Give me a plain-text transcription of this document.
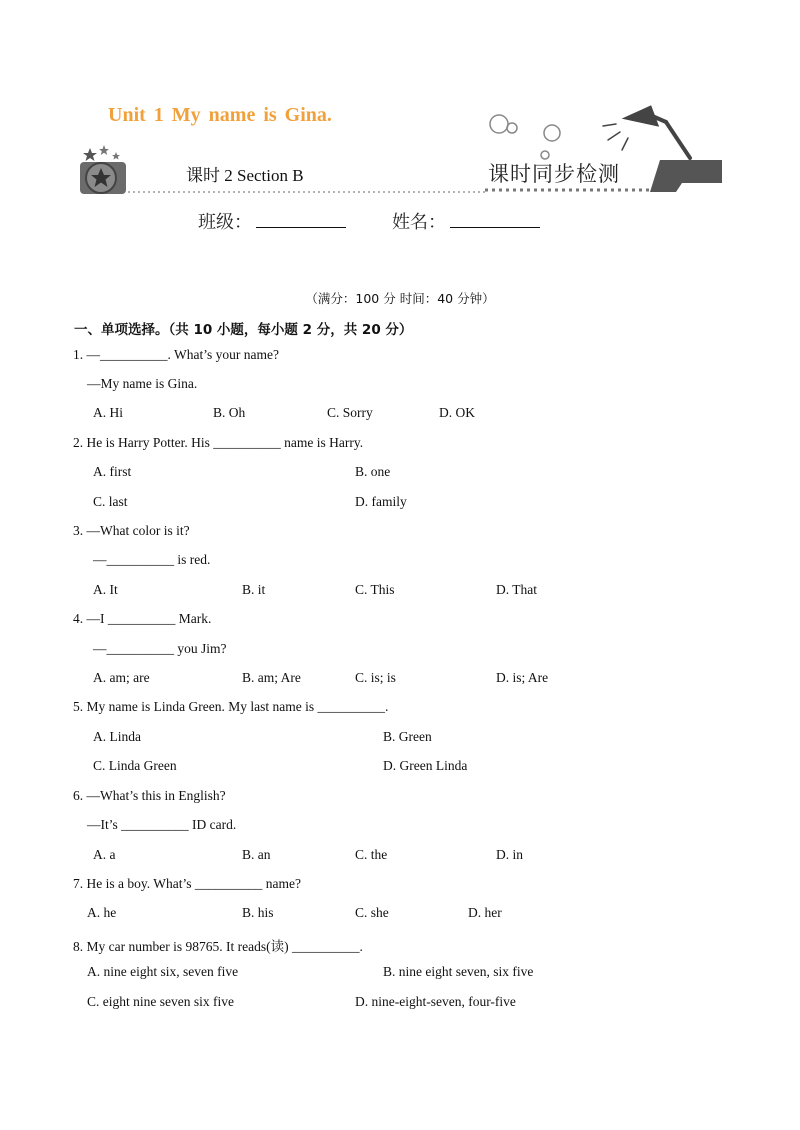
Unit 1 My name is Gina.
课时 2 Section B	课时同步检测
班级：	姓名：
（满分：100 分 时间：40 分钟）
一、单项选择。（共 10 小题，每小题 2 分，共 20 分）
1. —__________. What’s your name?
—My name is Gina.
A. Hi	B. Oh	C. Sorry	D. OK
2. He is Harry Potter. His __________ name is Harry.
A. first	B. one
C. last	D. family
3. —What color is it?
—__________ is red.
A. It	B. it	C. This	D. That
4. —I __________ Mark.
—__________ you Jim?
A. am; are	B. am; Are	C. is; is	D. is; Are
5. My name is Linda Green. My last name is __________.
A. Linda	B. Green
C. Linda Green	D. Green Linda
6. —What’s this in English?
—It’s __________ ID card.
A. a	B. an	C. the	D. in
7. He is a boy. What’s __________ name?
A. he	B. his	C. she	D. her
8. My car number is 98765. It reads(读) __________.
A. nine eight six, seven five	B. nine eight seven, six five
C. eight nine seven six five	D. nine-eight-seven, four-five
